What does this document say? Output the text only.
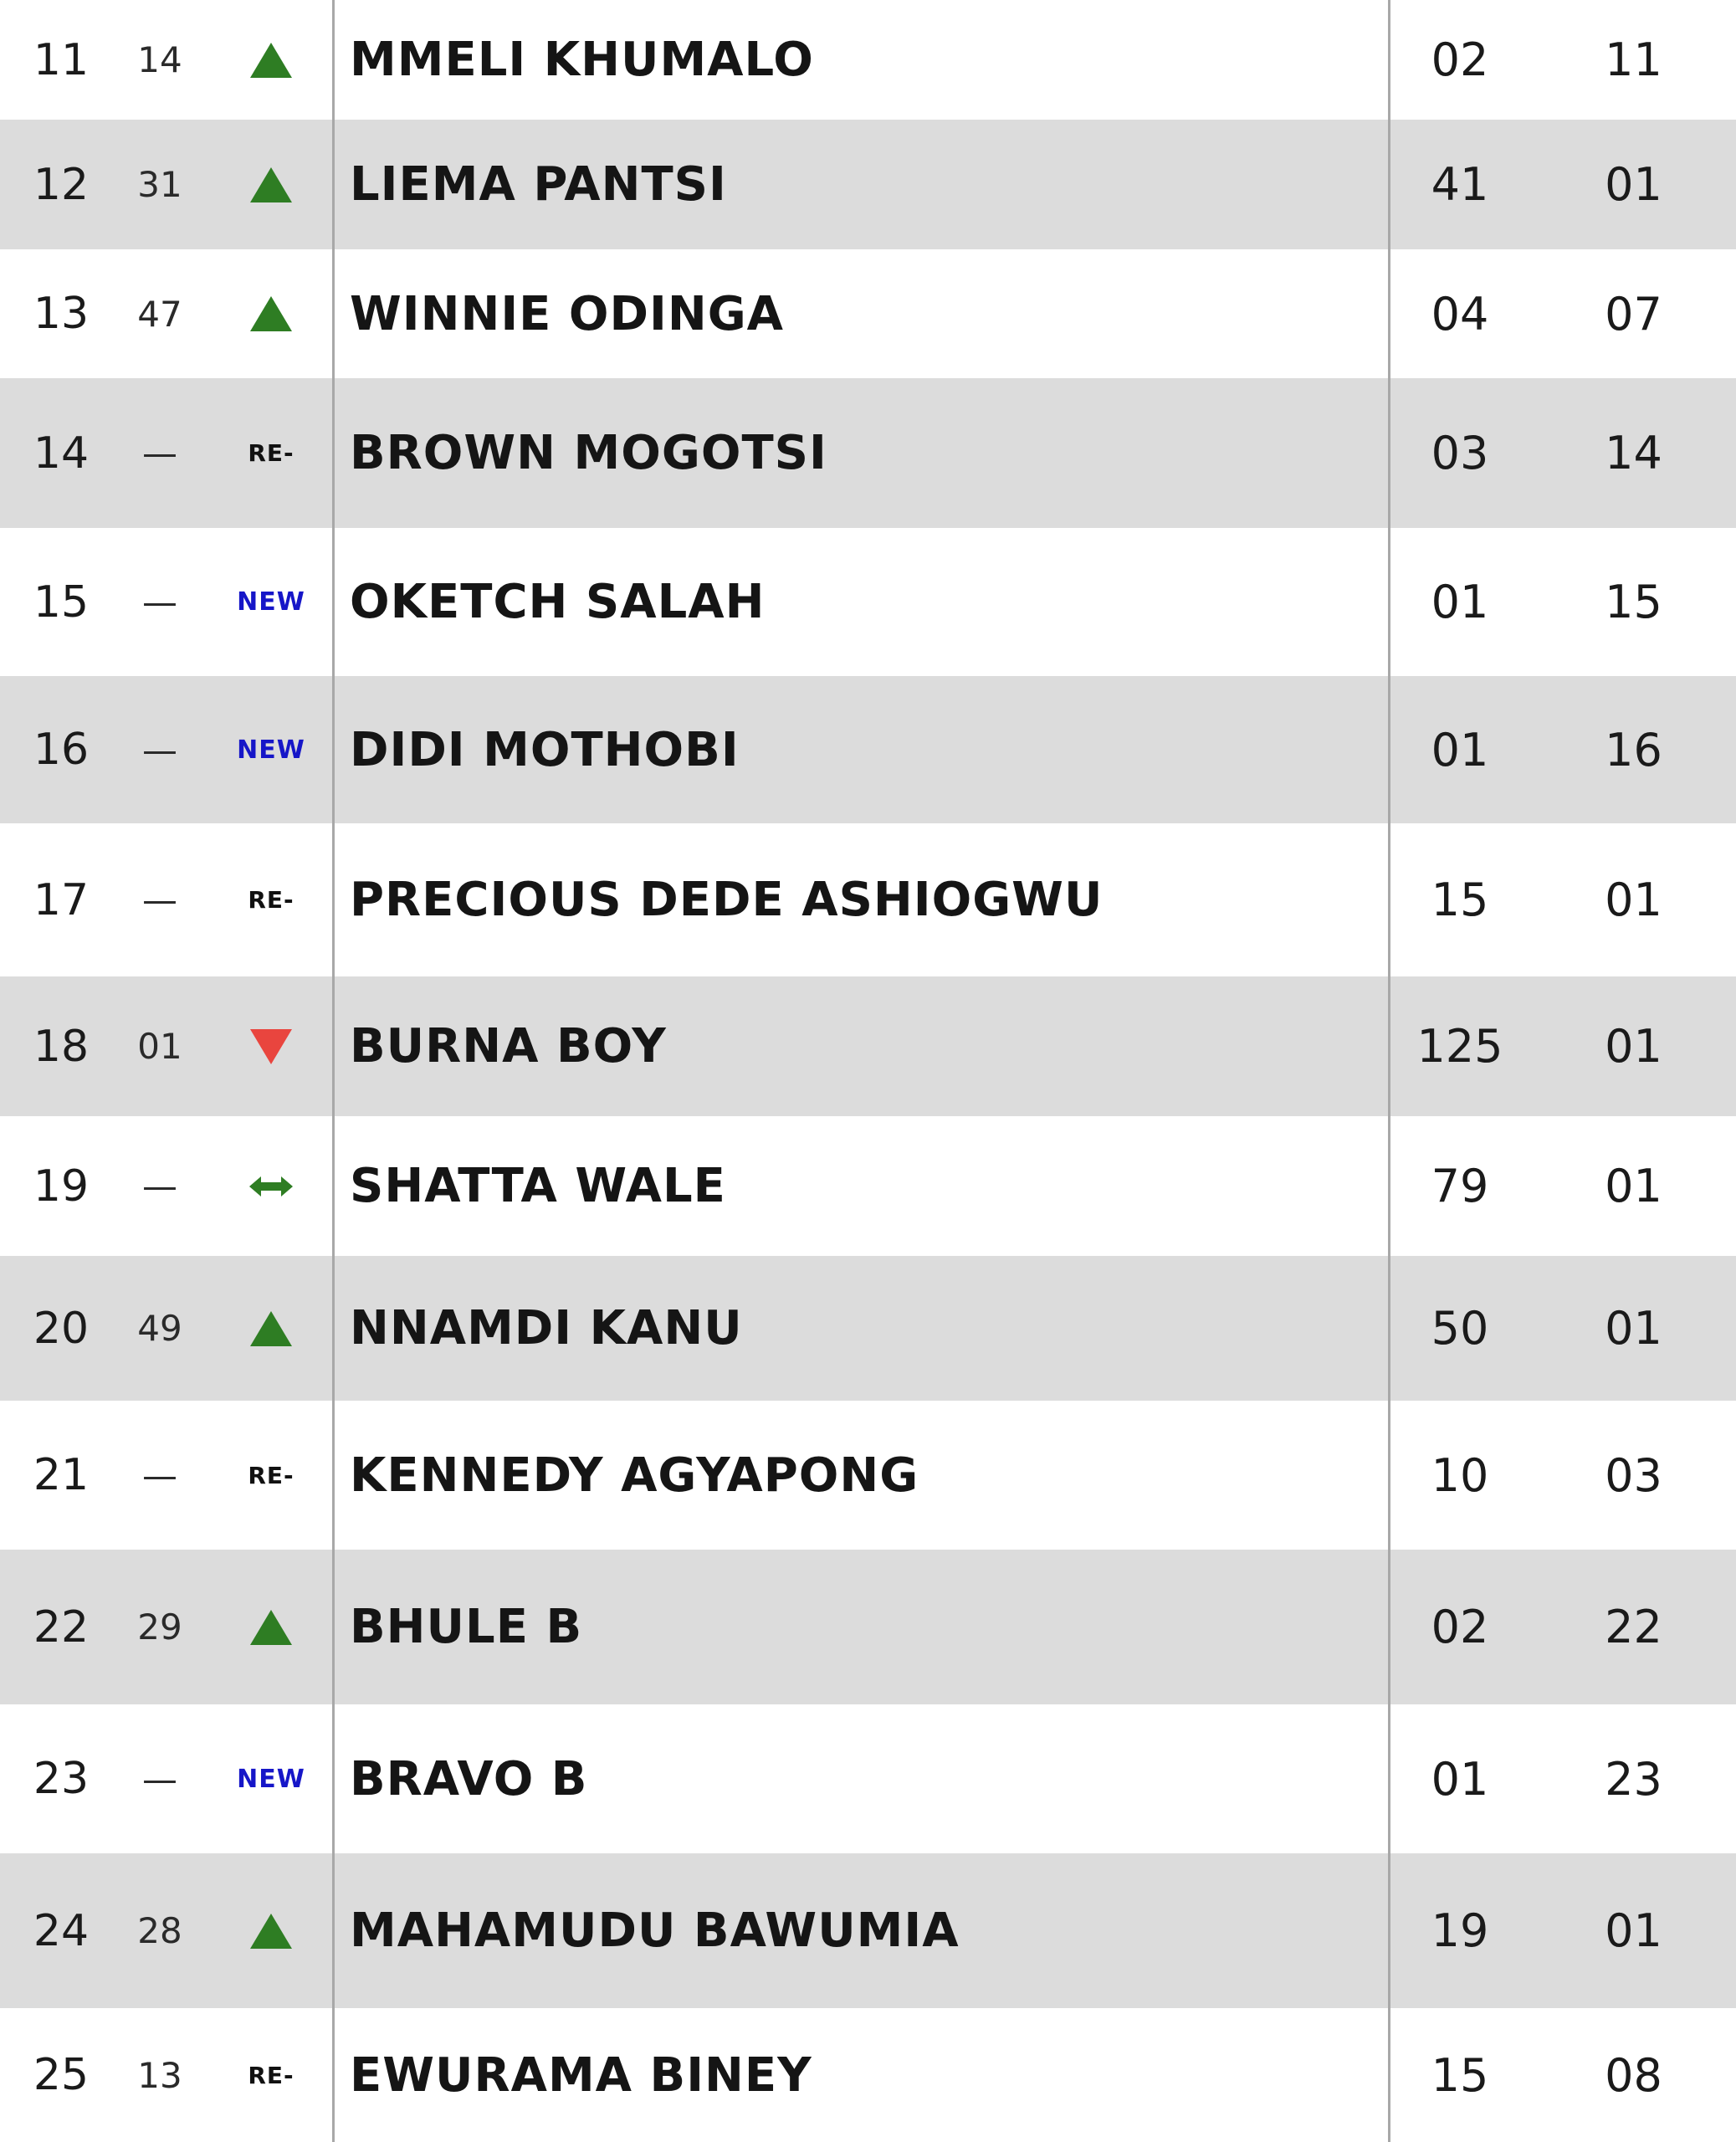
11	14	MMELI KHUMALO	02	11
12	31	LIEMA PANTSI	41	01
13	47	WINNIE ODINGA	04	07
14	—	RE- BROWN MOGOTSI	03	14
15	—	NEW OKETCH SALAH	01	15
16	—	NEW DIDI MOTHOBI	01	16
17	—	RE- PRECIOUS DEDE ASHIOGWU	15	01
18	01	BURNA BOY	125	01
19	—	SHATTA WALE	79	01
20	49	NNAMDI KANU	50	01
21	—	RE- KENNEDY AGYAPONG	10	03
22	29	BHULE B	02	22
23	—	NEW BRAVO B	01	23
24	28	MAHAMUDU BAWUMIA	19	01
25	13	RE- EWURAMA BINEY	15	08
